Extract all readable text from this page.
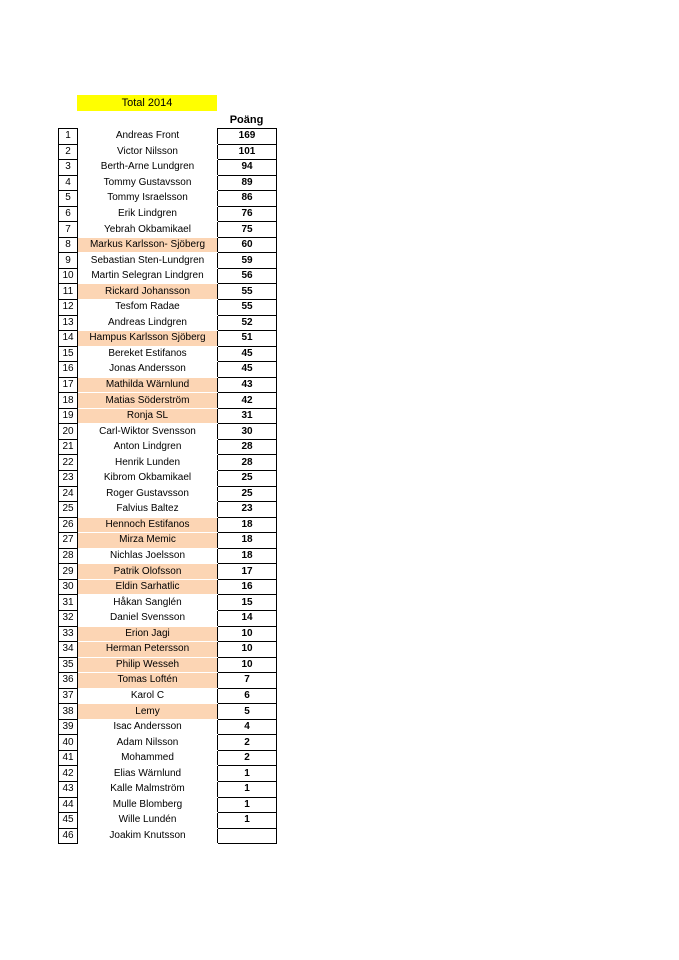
Total 2014
Poäng
1	Andreas Front	169
2	Victor Nilsson	101
3	Berth-Arne Lundgren	94
4	Tommy Gustavsson	89
5	Tommy Israelsson	86
6	Erik Lindgren	76
7	Yebrah Okbamikael	75
8	Markus Karlsson- Sjöberg	60
9	Sebastian Sten-Lundgren	59
10	Martin Selegran Lindgren	56
11	Rickard Johansson	55
12	Tesfom Radae	55
13	Andreas Lindgren	52
14	Hampus Karlsson Sjöberg	51
15	Bereket Estifanos	45
16	Jonas Andersson	45
17	Mathilda Wärnlund	43
18	Matias Söderström	42
19	Ronja SL	31
20	Carl-Wiktor Svensson	30
21	Anton Lindgren	28
22	Henrik Lunden	28
23	Kibrom Okbamikael	25
24	Roger Gustavsson	25
25	Falvius Baltez	23
26	Hennoch Estifanos	18
27	Mirza Memic	18
28	Nichlas Joelsson	18
29	Patrik Olofsson	17
30	Eldin Sarhatlic	16
31	Håkan Sanglén	15
32	Daniel Svensson	14
33	Erion Jagi	10
34	Herman Petersson	10
35	Philip Wesseh	10
36	Tomas Loftén	7
37	Karol C	6
38	Lemy	5
39	Isac Andersson	4
40	Adam Nilsson	2
41	Mohammed	2
42	Elias Wärnlund	1
43	Kalle Malmström	1
44	Mulle Blomberg	1
45	Wille Lundén	1
46	Joakim Knutsson	
